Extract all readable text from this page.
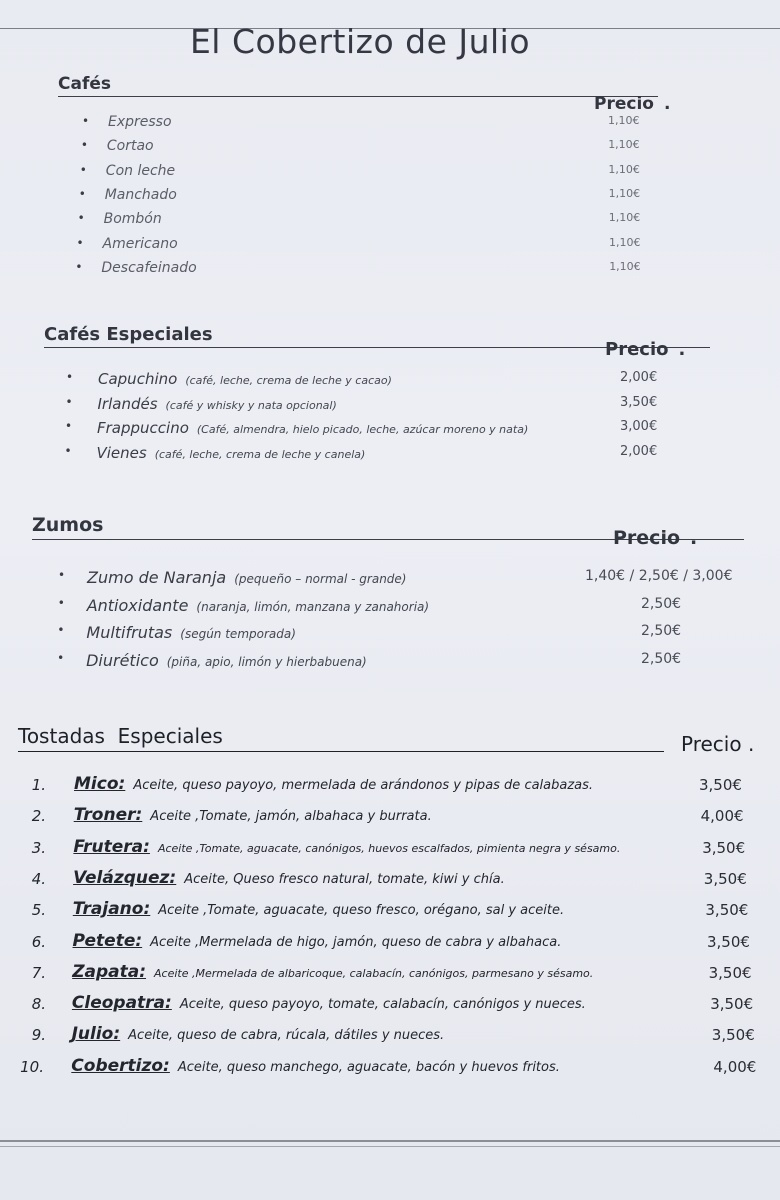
El Cobertizo de Julio
Cafés
Precio .
• Expresso	1,10€
• Cortao	1,10€
• Con leche	1,10€
• Manchado	1,10€
• Bombón	1,10€
• Americano	1,10€
• Descafeinado	1,10€
Cafés Especiales
Precio .
• Capuchino (café, leche, crema de leche y cacao)	2,00€
• Irlandés (café y whisky y nata opcional)	3,50€
• Frappuccino (Café, almendra, hielo picado, leche, azúcar moreno y nata)	3,00€
• Vienes (café, leche, crema de leche y canela)	2,00€
Zumos
Precio .
• Zumo de Naranja (pequeño – normal - grande)	1,40€ / 2,50€ / 3,00€
• Antioxidante (naranja, limón, manzana y zanahoria)	2,50€
• Multifrutas (según temporada)	2,50€
• Diurético (piña, apio, limón y hierbabuena)	2,50€
Tostadas  Especiales	Precio .
1. Mico: Aceite, queso payoyo, mermelada de arándonos y pipas de calabazas.	3,50€
2. Troner: Aceite ,Tomate, jamón, albahaca y burrata.	4,00€
3. Frutera: Aceite ,Tomate, aguacate, canónigos, huevos escalfados, pimienta negra y sésamo.	3,50€
4. Velázquez: Aceite, Queso fresco natural, tomate, kiwi y chía.	3,50€
5. Trajano: Aceite ,Tomate, aguacate, queso fresco, orégano, sal y aceite.	3,50€
6. Petete: Aceite ,Mermelada de higo, jamón, queso de cabra y albahaca.	3,50€
7. Zapata: Aceite ,Mermelada de albaricoque, calabacín, canónigos, parmesano y sésamo.	3,50€
8. Cleopatra: Aceite, queso payoyo, tomate, calabacín, canónigos y nueces.	3,50€
9. Julio: Aceite, queso de cabra, rúcala, dátiles y nueces.	3,50€
10. Cobertizo: Aceite, queso manchego, aguacate, bacón y huevos fritos.	4,00€
